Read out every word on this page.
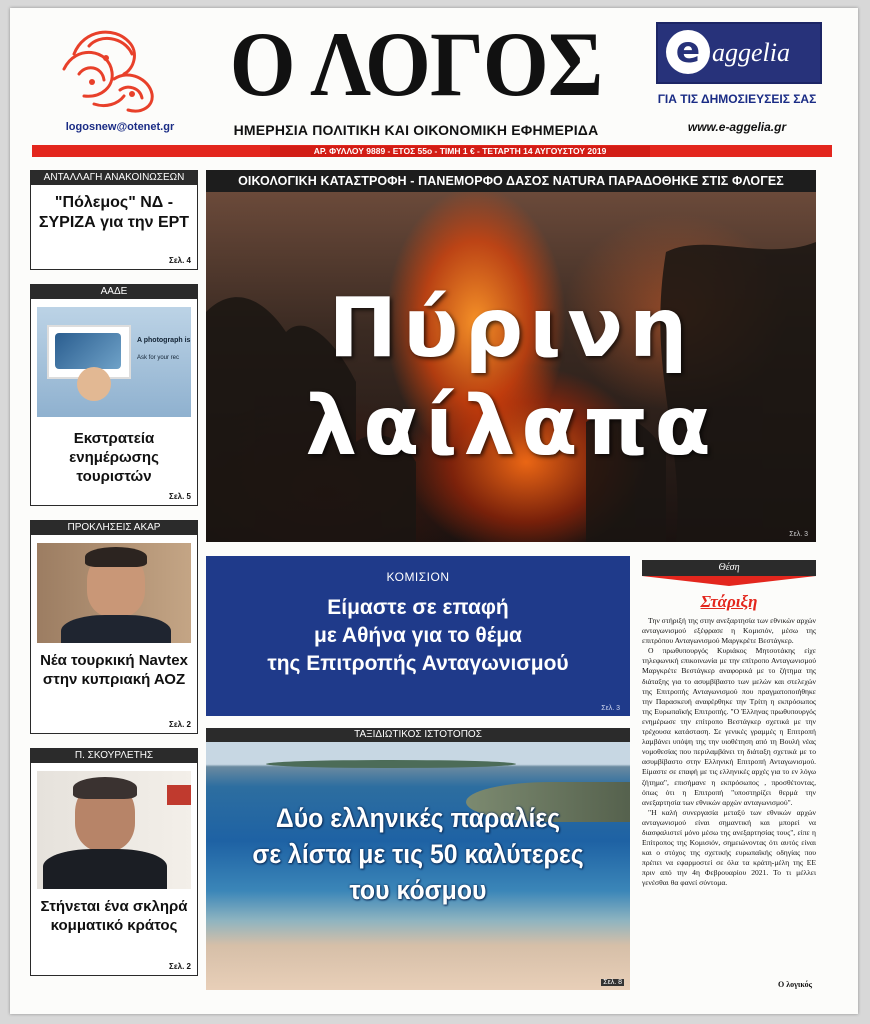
logosnew@otenet.gr
Ο ΛΟΓΟΣ
ΗΜΕΡΗΣΙΑ ΠΟΛΙΤΙΚΗ ΚΑΙ ΟΙΚΟΝΟΜΙΚΗ ΕΦΗΜΕΡΙΔΑ
e aggelia
ΓΙΑ ΤΙΣ ΔΗΜΟΣΙΕΥΣΕΙΣ ΣΑΣ
www.e-aggelia.gr
ΑΡ. ΦΥΛΛΟΥ 9889 - ΕΤΟΣ 55ο - ΤΙΜΗ 1 € - ΤΕΤΑΡΤΗ 14 ΑΥΓΟΥΣΤΟΥ 2019
ΑΝΤΑΛΛΑΓΗ ΑΝΑΚΟΙΝΩΣΕΩΝ
"Πόλεμος" ΝΔ - ΣΥΡΙΖΑ για την ΕΡΤ
Σελ. 4
ΑΑΔΕ
A photograph is
Ask for your rec
Εκστρατεία ενημέρωσης τουριστών
Σελ. 5
ΠΡΟΚΛΗΣΕΙΣ ΑΚΑΡ
Νέα τουρκική Navtex στην κυπριακή ΑΟΖ
Σελ. 2
Π. ΣΚΟΥΡΛΕΤΗΣ
Στήνεται ένα σκληρά κομματικό κράτος
Σελ. 2
ΟΙΚΟΛΟΓΙΚΗ ΚΑΤΑΣΤΡΟΦΗ - ΠΑΝΕΜΟΡΦΟ ΔΑΣΟΣ NATURA ΠΑΡΑΔΟΘΗΚΕ ΣΤΙΣ ΦΛΟΓΕΣ
Πύρινη
λαίλαπα
Σελ. 3
ΚΟΜΙΣΙΟΝ
Είμαστε σε επαφή
με Αθήνα για το θέμα
της Επιτροπής Ανταγωνισμού
Σελ. 3
ΤΑΞΙΔΙΩΤΙΚΟΣ ΙΣΤΟΤΟΠΟΣ
Δύο ελληνικές παραλίες
σε λίστα με τις 50 καλύτερες
του κόσμου
Σελ. 8
Θέση
Στάριξη

Την στήριξή της στην ανεξαρτησία των εθνικών αρχών ανταγωνισμού εξέφρασε η Κομισιόν, μέσω της επιτρόπου Ανταγωνισμού Μαργκρέτε Βεστάγκερ.

Ο πρωθυπουργός Κυριάκος Μητσοτάκης είχε τηλεφωνική επικοινωνία με την επίτροπο Ανταγωνισμού Μαργκρέτε Βεστάγκερ αναφορικά με το ζήτημα της διάταξης για το ασυμβίβαστο των μελών και στελεχών της Επιτροπής Ανταγωνισμού που πραγματοποιήθηκε την Παρασκευή αναφέρθηκε την Τρίτη η εκπρόσωπος της Ευρωπαϊκής Επιτροπής. "Ο Έλληνας πρωθυπουργός ενημέρωσε την επίτροπο Βεστάγκερ σχετικά με την τρέχουσα κατάσταση. Σε γενικές γραμμές η Επιτροπή λαμβάνει υπόψη της την υιοθέτηση από τη Βουλή νέας νομοθεσίας που περιλαμβάνει τη διάταξη σχετικά με το ασυμβίβαστο στην Ελληνική Επιτροπή Ανταγωνισμού. Είμαστε σε επαφή με τις ελληνικές αρχές για το εν λόγω ζήτημα", επισήμανε η εκπρόσωπος , προσθέτοντας, όπως ότι η Επιτροπή "υποστηρίζει θερμά την ανεξαρτησία των εθνικών αρχών ανταγωνισμού".

"Η καλή συνεργασία μεταξύ των εθνικών αρχών ανταγωνισμού είναι σημαντική και μπορεί να διασφαλιστεί μόνο μέσω της ανεξαρτησίας τους", είπε η Επίτροπος της Κομισιόν, σημειώνοντας ότι αυτός είναι και ο στόχος της σχετικής ευρωπαϊκής οδηγίας που πρέπει να εφαρμοστεί σε όλα τα κράτη-μέλη της ΕΕ πριν από την 4η Φεβρουαρίου 2021. Το τι μέλλει γενέσθαι θα φανεί σύντομα.

Ο λογικός
